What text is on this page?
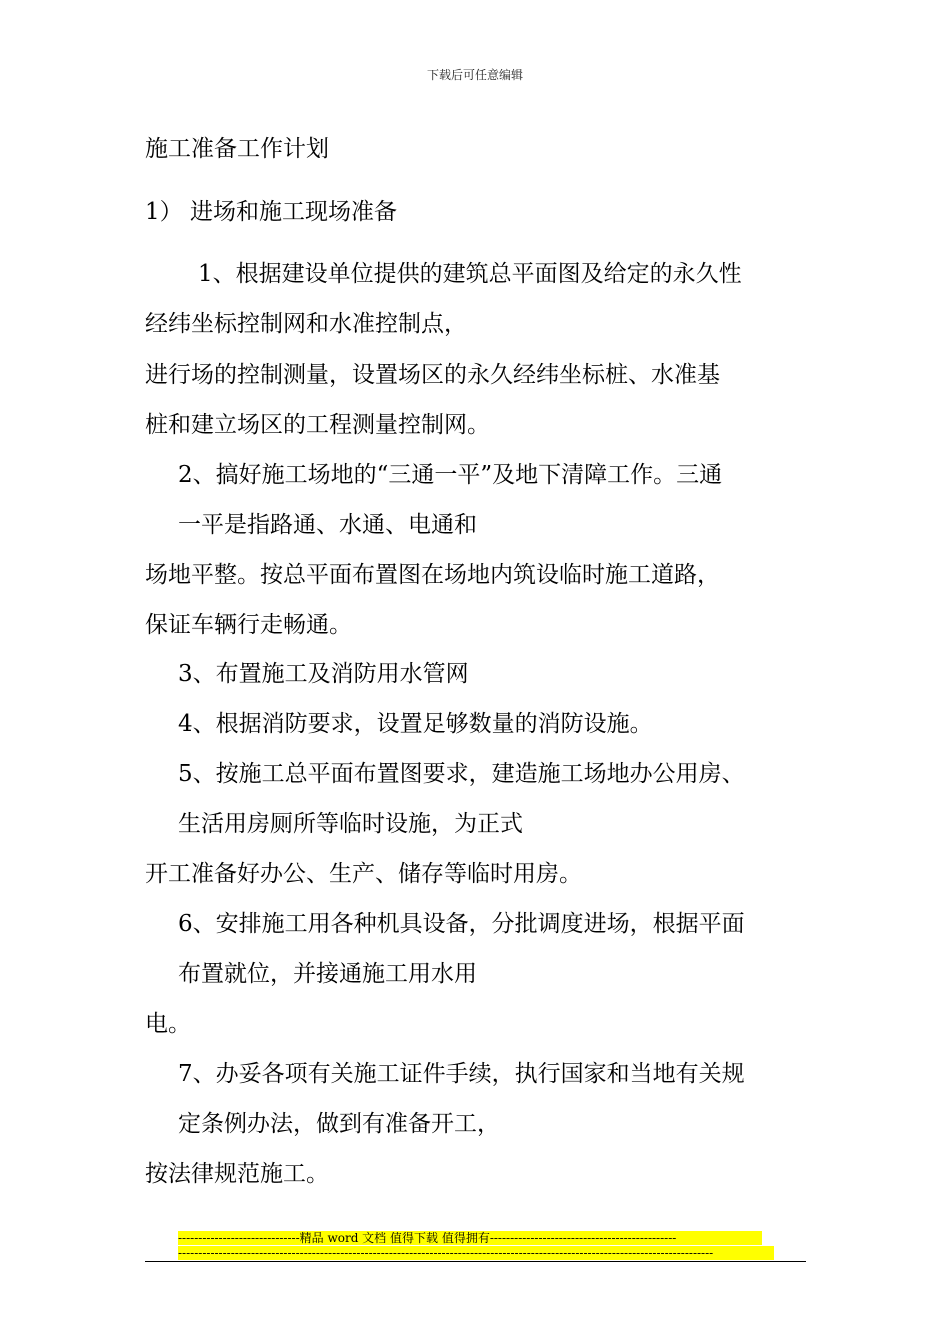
下载后可任意编辑
施工准备工作计划
1） 进场和施工现场准备
1、根据建设单位提供的建筑总平面图及给定的永久性
经纬坐标控制网和水准控制点，
进行场的控制测量，设置场区的永久经纬坐标桩、水准基
桩和建立场区的工程测量控制网。
2、搞好施工场地的“三通一平”及地下清障工作。三通
一平是指路通、水通、电通和
场地平整。按总平面布置图在场地内筑设临时施工道路，
保证车辆行走畅通。
3、布置施工及消防用水管网
4、根据消防要求，设置足够数量的消防设施。
5、按施工总平面布置图要求，建造施工场地办公用房、
生活用房厕所等临时设施，为正式
开工准备好办公、生产、储存等临时用房。
6、安排施工用各种机具设备，分批调度进场，根据平面
布置就位，并接通施工用水用
电。
7、办妥各项有关施工证件手续，执行国家和当地有关规
定条例办法，做到有准备开工，
按法律规范施工。
------------------------------精品 word 文档 值得下载 值得拥有----------------------------------------------
------------------------------------------------------------------------------------------------------------------------------------
